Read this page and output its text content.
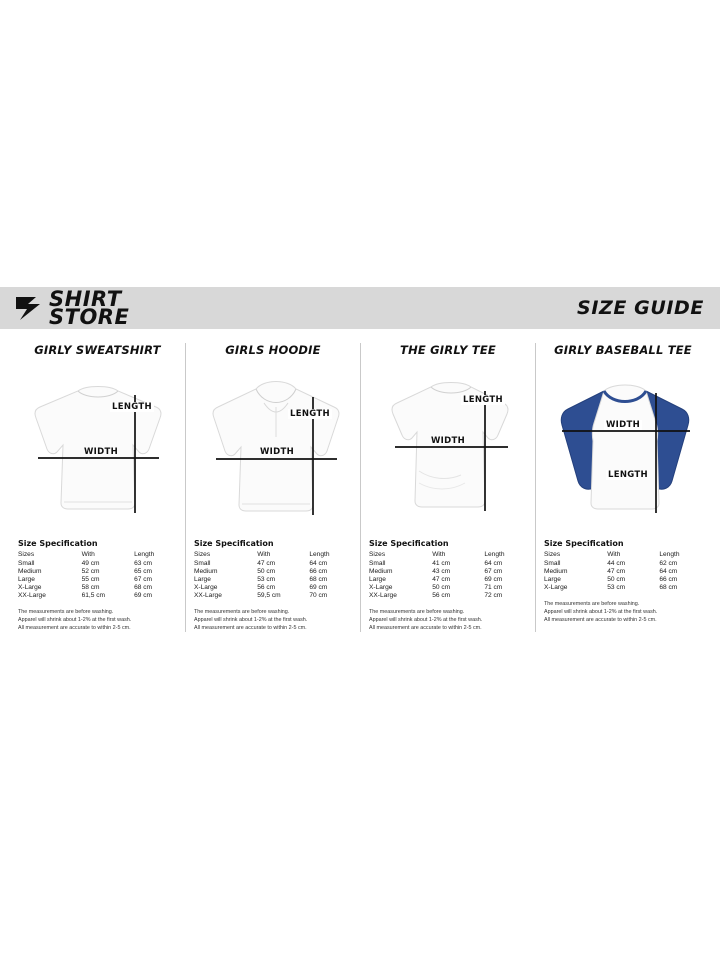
SHIRT
STORE	SIZE GUIDE
GIRLY SWEATSHIRT
WIDTH
LENGTH
Size Specification
Sizes	With	Length
Small	49 cm	63 cm
Medium	52 cm	65 cm
Large	55 cm	67 cm
X-Large	58 cm	68 cm
XX-Large	61,5 cm	69 cm
The measurements are before washing.
Apparel will shrink about 1-2% at the first wash.
All measurement are accurate to within 2-5 cm.
GIRLS HOODIE
WIDTH
LENGTH
Size Specification
Sizes	With	Length
Small	47 cm	64 cm
Medium	50 cm	66 cm
Large	53 cm	68 cm
X-Large	56 cm	69 cm
XX-Large	59,5 cm	70 cm
The measurements are before washing.
Apparel will shrink about 1-2% at the first wash.
All measurement are accurate to within 2-5 cm.
THE GIRLY TEE
WIDTH
LENGTH
Size Specification
Sizes	With	Length
Small	41 cm	64 cm
Medium	43 cm	67 cm
Large	47 cm	69 cm
X-Large	50 cm	71 cm
XX-Large	56 cm	72 cm
The measurements are before washing.
Apparel will shrink about 1-2% at the first wash.
All measurement are accurate to within 2-5 cm.
GIRLY BASEBALL TEE
WIDTH
LENGTH
Size Specification
Sizes	With	Length
Small	44 cm	62 cm
Medium	47 cm	64 cm
Large	50 cm	66 cm
X-Large	53 cm	68 cm
The measurements are before washing.
Apparel will shrink about 1-2% at the first wash.
All measurement are accurate to within 2-5 cm.
